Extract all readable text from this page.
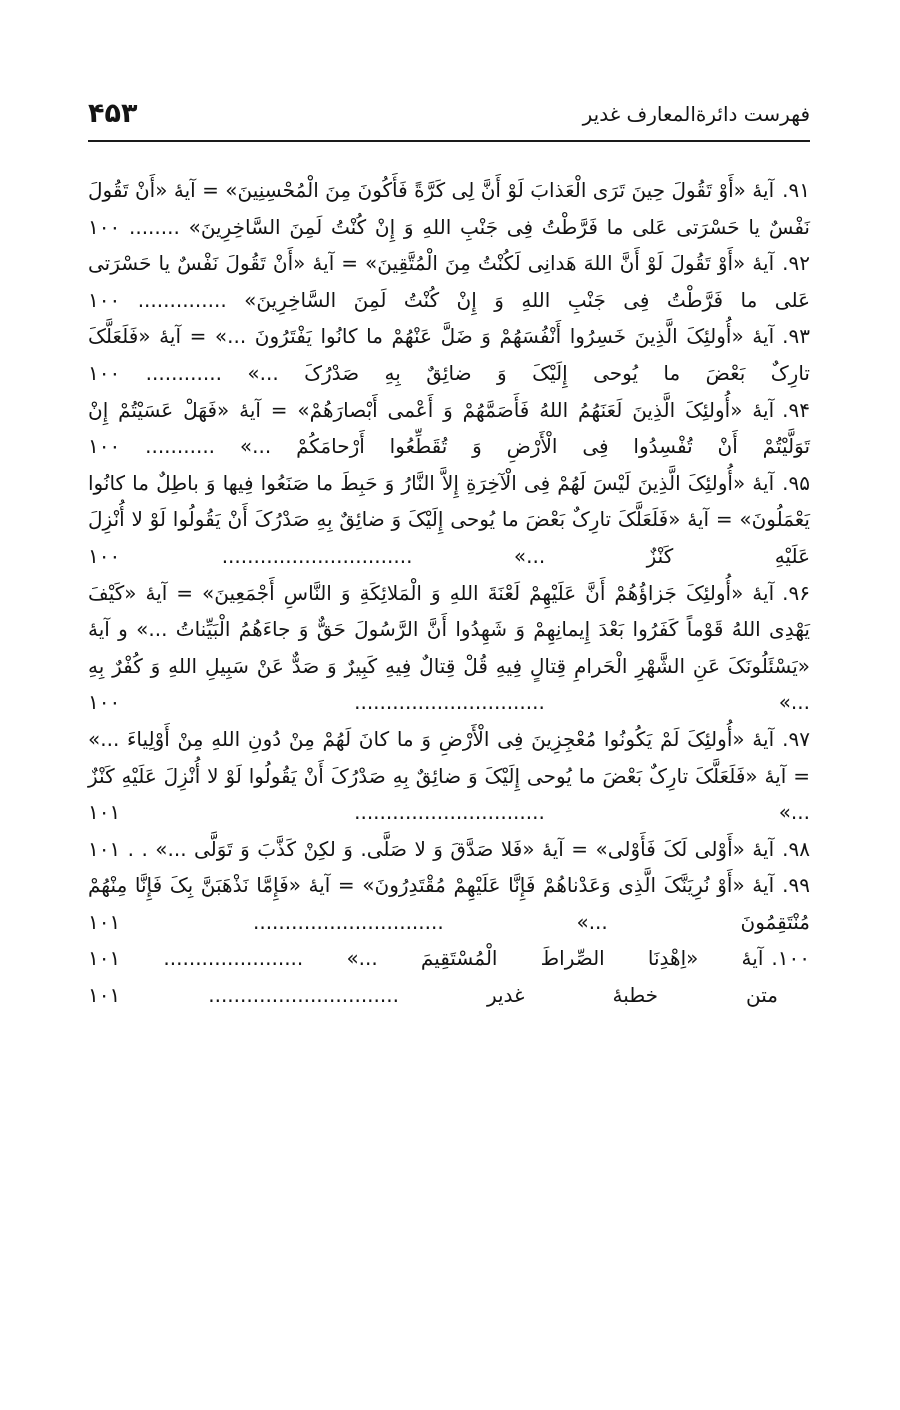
۴۵۳	فهرست دائرةالمعارف غدیر

۹۱.آیهٔ «أَوْ تَقُولَ حِینَ تَرَی الْعَذابَ لَوْ أَنَّ لِی کَرَّةً فَأَکُونَ مِنَ الْمُحْسِنِینَ» = آیهٔ «أَنْ تَقُولَ نَفْسٌ یا حَسْرَتی عَلی ما فَرَّطْتُ فِی جَنْبِ اللهِ وَ إِنْ کُنْتُ لَمِنَ السَّاخِرِینَ» ........ ۱۰۰

۹۲.آیهٔ «أَوْ تَقُولَ لَوْ أَنَّ اللهَ هَدانِی لَکُنْتُ مِنَ الْمُتَّقِینَ» = آیهٔ «أَنْ تَقُولَ نَفْسٌ یا حَسْرَتی عَلی ما فَرَّطْتُ فِی جَنْبِ اللهِ وَ إِنْ کُنْتُ لَمِنَ السَّاخِرِینَ» .............. ۱۰۰

۹۳.آیهٔ «أُولئِکَ الَّذِینَ خَسِرُوا أَنْفُسَهُمْ وَ ضَلَّ عَنْهُمْ ما کانُوا یَفْتَرُونَ ...» = آیهٔ «فَلَعَلَّکَ تارِکٌ بَعْضَ ما یُوحی إِلَیْکَ وَ ضائِقٌ بِهِ صَدْرُکَ ...» ............ ۱۰۰

۹۴.آیهٔ «أُولئِکَ الَّذِینَ لَعَنَهُمُ اللهُ فَأَصَمَّهُمْ وَ أَعْمی أَبْصارَهُمْ» = آیهٔ «فَهَلْ عَسَیْتُمْ إِنْ تَوَلَّیْتُمْ أَنْ تُفْسِدُوا فِی الْأَرْضِ وَ تُقَطِّعُوا أَرْحامَکُمْ ...» ........... ۱۰۰

۹۵.آیهٔ «أُولئِکَ الَّذِینَ لَیْسَ لَهُمْ فِی الْآخِرَةِ إِلاَّ النَّارُ وَ حَبِطَ ما صَنَعُوا فِیها وَ باطِلٌ ما کانُوا یَعْمَلُونَ» = آیهٔ «فَلَعَلَّکَ تارِکٌ بَعْضَ ما یُوحی إِلَیْکَ وَ ضائِقٌ بِهِ صَدْرُکَ أَنْ یَقُولُوا لَوْ لا أُنْزِلَ عَلَیْهِ کَنْزٌ ...» .............................. ۱۰۰

۹۶.آیهٔ «أُولئِکَ جَزاؤُهُمْ أَنَّ عَلَیْهِمْ لَعْنَةَ اللهِ وَ الْمَلائِکَةِ وَ النَّاسِ أَجْمَعِینَ» = آیهٔ «کَیْفَ یَهْدِی اللهُ قَوْماً کَفَرُوا بَعْدَ إِیمانِهِمْ وَ شَهِدُوا أَنَّ الرَّسُولَ حَقٌّ وَ جاءَهُمُ الْبَیِّناتُ ...» و آیهٔ «یَسْئَلُونَکَ عَنِ الشَّهْرِ الْحَرامِ قِتالٍ فِیهِ قُلْ قِتالٌ فِیهِ کَبِیرٌ وَ صَدٌّ عَنْ سَبِیلِ اللهِ وَ کُفْرٌ بِهِ ...» .............................. ۱۰۰

۹۷.آیهٔ «أُولئِکَ لَمْ یَکُونُوا مُعْجِزِینَ فِی الْأَرْضِ وَ ما کانَ لَهُمْ مِنْ دُونِ اللهِ مِنْ أَوْلِیاءَ ...» = آیهٔ «فَلَعَلَّکَ تارِکٌ بَعْضَ ما یُوحی إِلَیْکَ وَ ضائِقٌ بِهِ صَدْرُکَ أَنْ یَقُولُوا لَوْ لا أُنْزِلَ عَلَیْهِ کَنْزٌ ...» .............................. ۱۰۱

۹۸.آیهٔ «أَوْلی لَکَ فَأَوْلی» = آیهٔ «فَلا صَدَّقَ وَ لا صَلَّی. وَ لکِنْ کَذَّبَ وَ تَوَلَّی ...» . . ۱۰۱

۹۹.آیهٔ «أَوْ نُرِیَنَّکَ الَّذِی وَعَدْناهُمْ فَإِنَّا عَلَیْهِمْ مُقْتَدِرُونَ» = آیهٔ «فَإِمَّا نَذْهَبَنَّ بِکَ فَإِنَّا مِنْهُمْ مُنْتَقِمُونَ ...» .............................. ۱۰۱

۱۰۰.آیهٔ «اِهْدِنَا الصِّراطَ الْمُسْتَقِیمَ ...» ...................... ۱۰۱

متن خطبهٔ غدیر .............................. ۱۰۱
